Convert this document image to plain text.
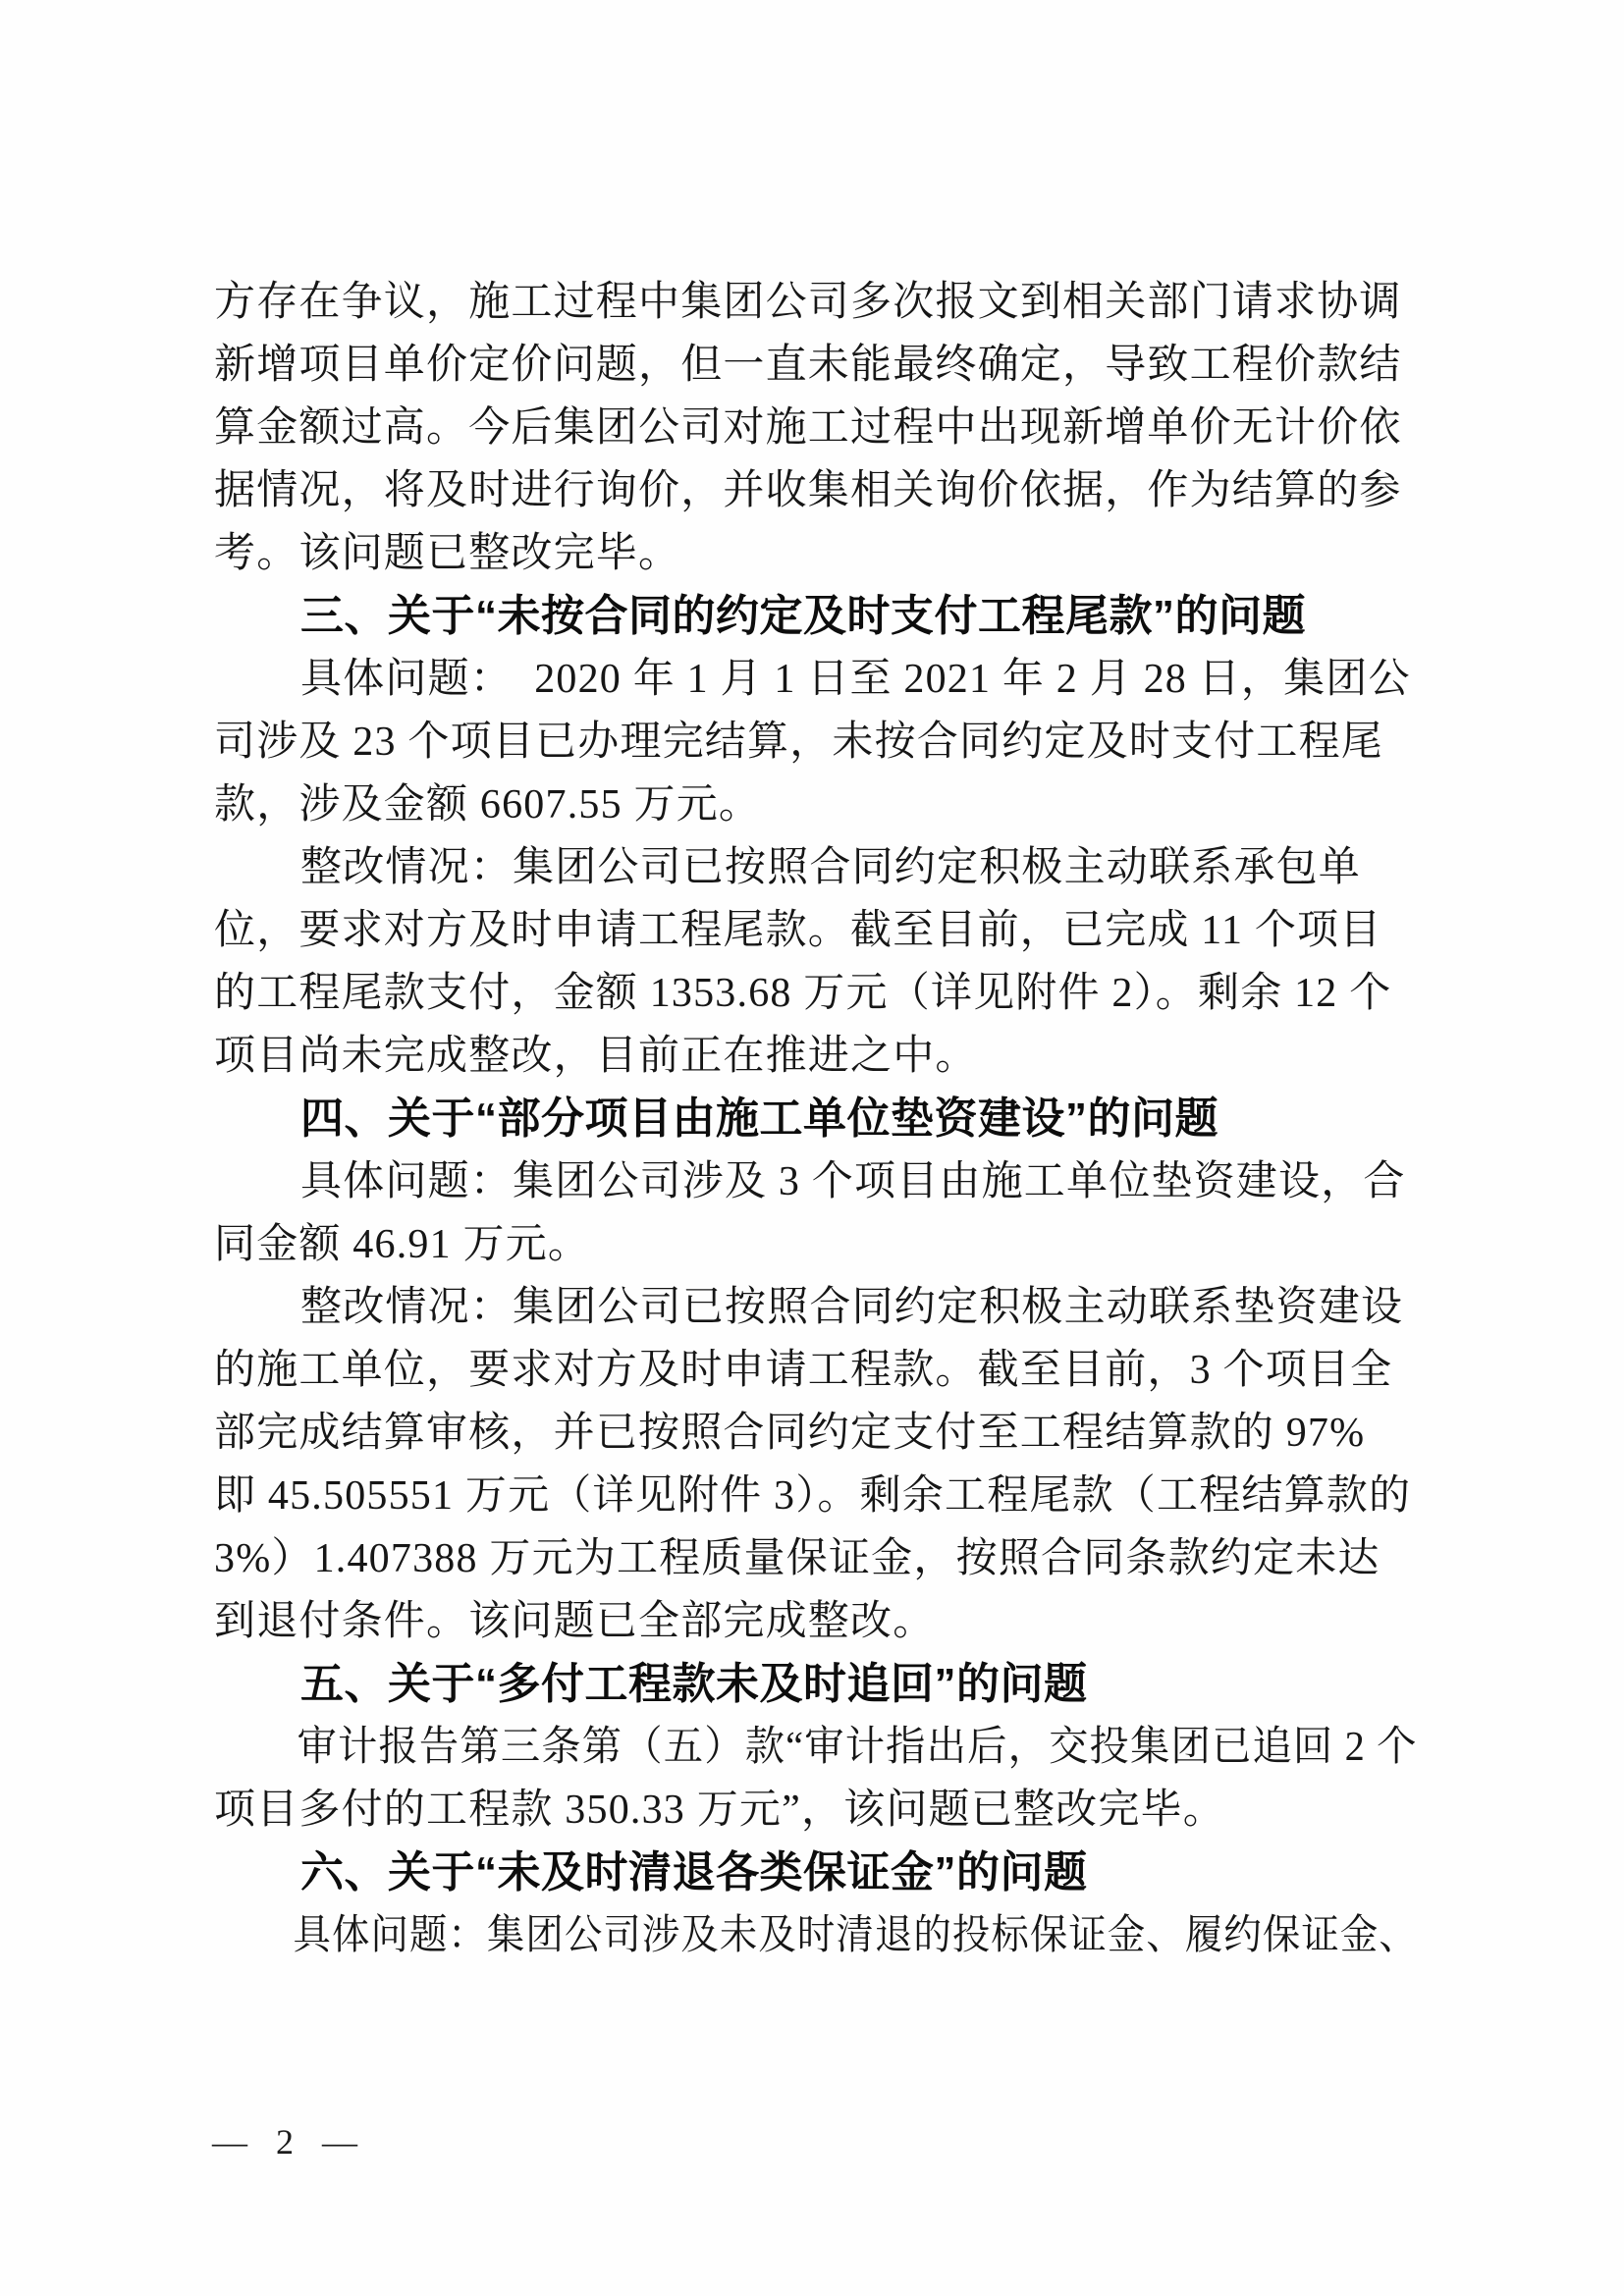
方存在争议，施工过程中集团公司多次报文到相关部门请求协调
新增项目单价定价问题，但一直未能最终确定，导致工程价款结
算金额过高。今后集团公司对施工过程中出现新增单价无计价依
据情况，将及时进行询价，并收集相关询价依据，作为结算的参
考。该问题已整改完毕。
三、关于“未按合同的约定及时支付工程尾款”的问题
具体问题：　2020 年 1 月 1 日至 2021 年 2 月 28 日，集团公
司涉及 23 个项目已办理完结算，未按合同约定及时支付工程尾
款，涉及金额 6607.55 万元。
整改情况：集团公司已按照合同约定积极主动联系承包单
位，要求对方及时申请工程尾款。截至目前，已完成 11 个项目
的工程尾款支付，金额 1353.68 万元（详见附件 2）。剩余 12 个
项目尚未完成整改，目前正在推进之中。
四、关于“部分项目由施工单位垫资建设”的问题
具体问题：集团公司涉及 3 个项目由施工单位垫资建设，合
同金额 46.91 万元。
整改情况：集团公司已按照合同约定积极主动联系垫资建设
的施工单位，要求对方及时申请工程款。截至目前，3 个项目全
部完成结算审核，并已按照合同约定支付至工程结算款的 97%
即 45.505551 万元（详见附件 3）。剩余工程尾款（工程结算款的
3%）1.407388 万元为工程质量保证金，按照合同条款约定未达
到退付条件。该问题已全部完成整改。
五、关于“多付工程款未及时追回”的问题
审计报告第三条第（五）款“审计指出后，交投集团已追回 2 个
项目多付的工程款 350.33 万元”，该问题已整改完毕。
六、关于“未及时清退各类保证金”的问题
具体问题：集团公司涉及未及时清退的投标保证金、履约保证金、
— 2 —
